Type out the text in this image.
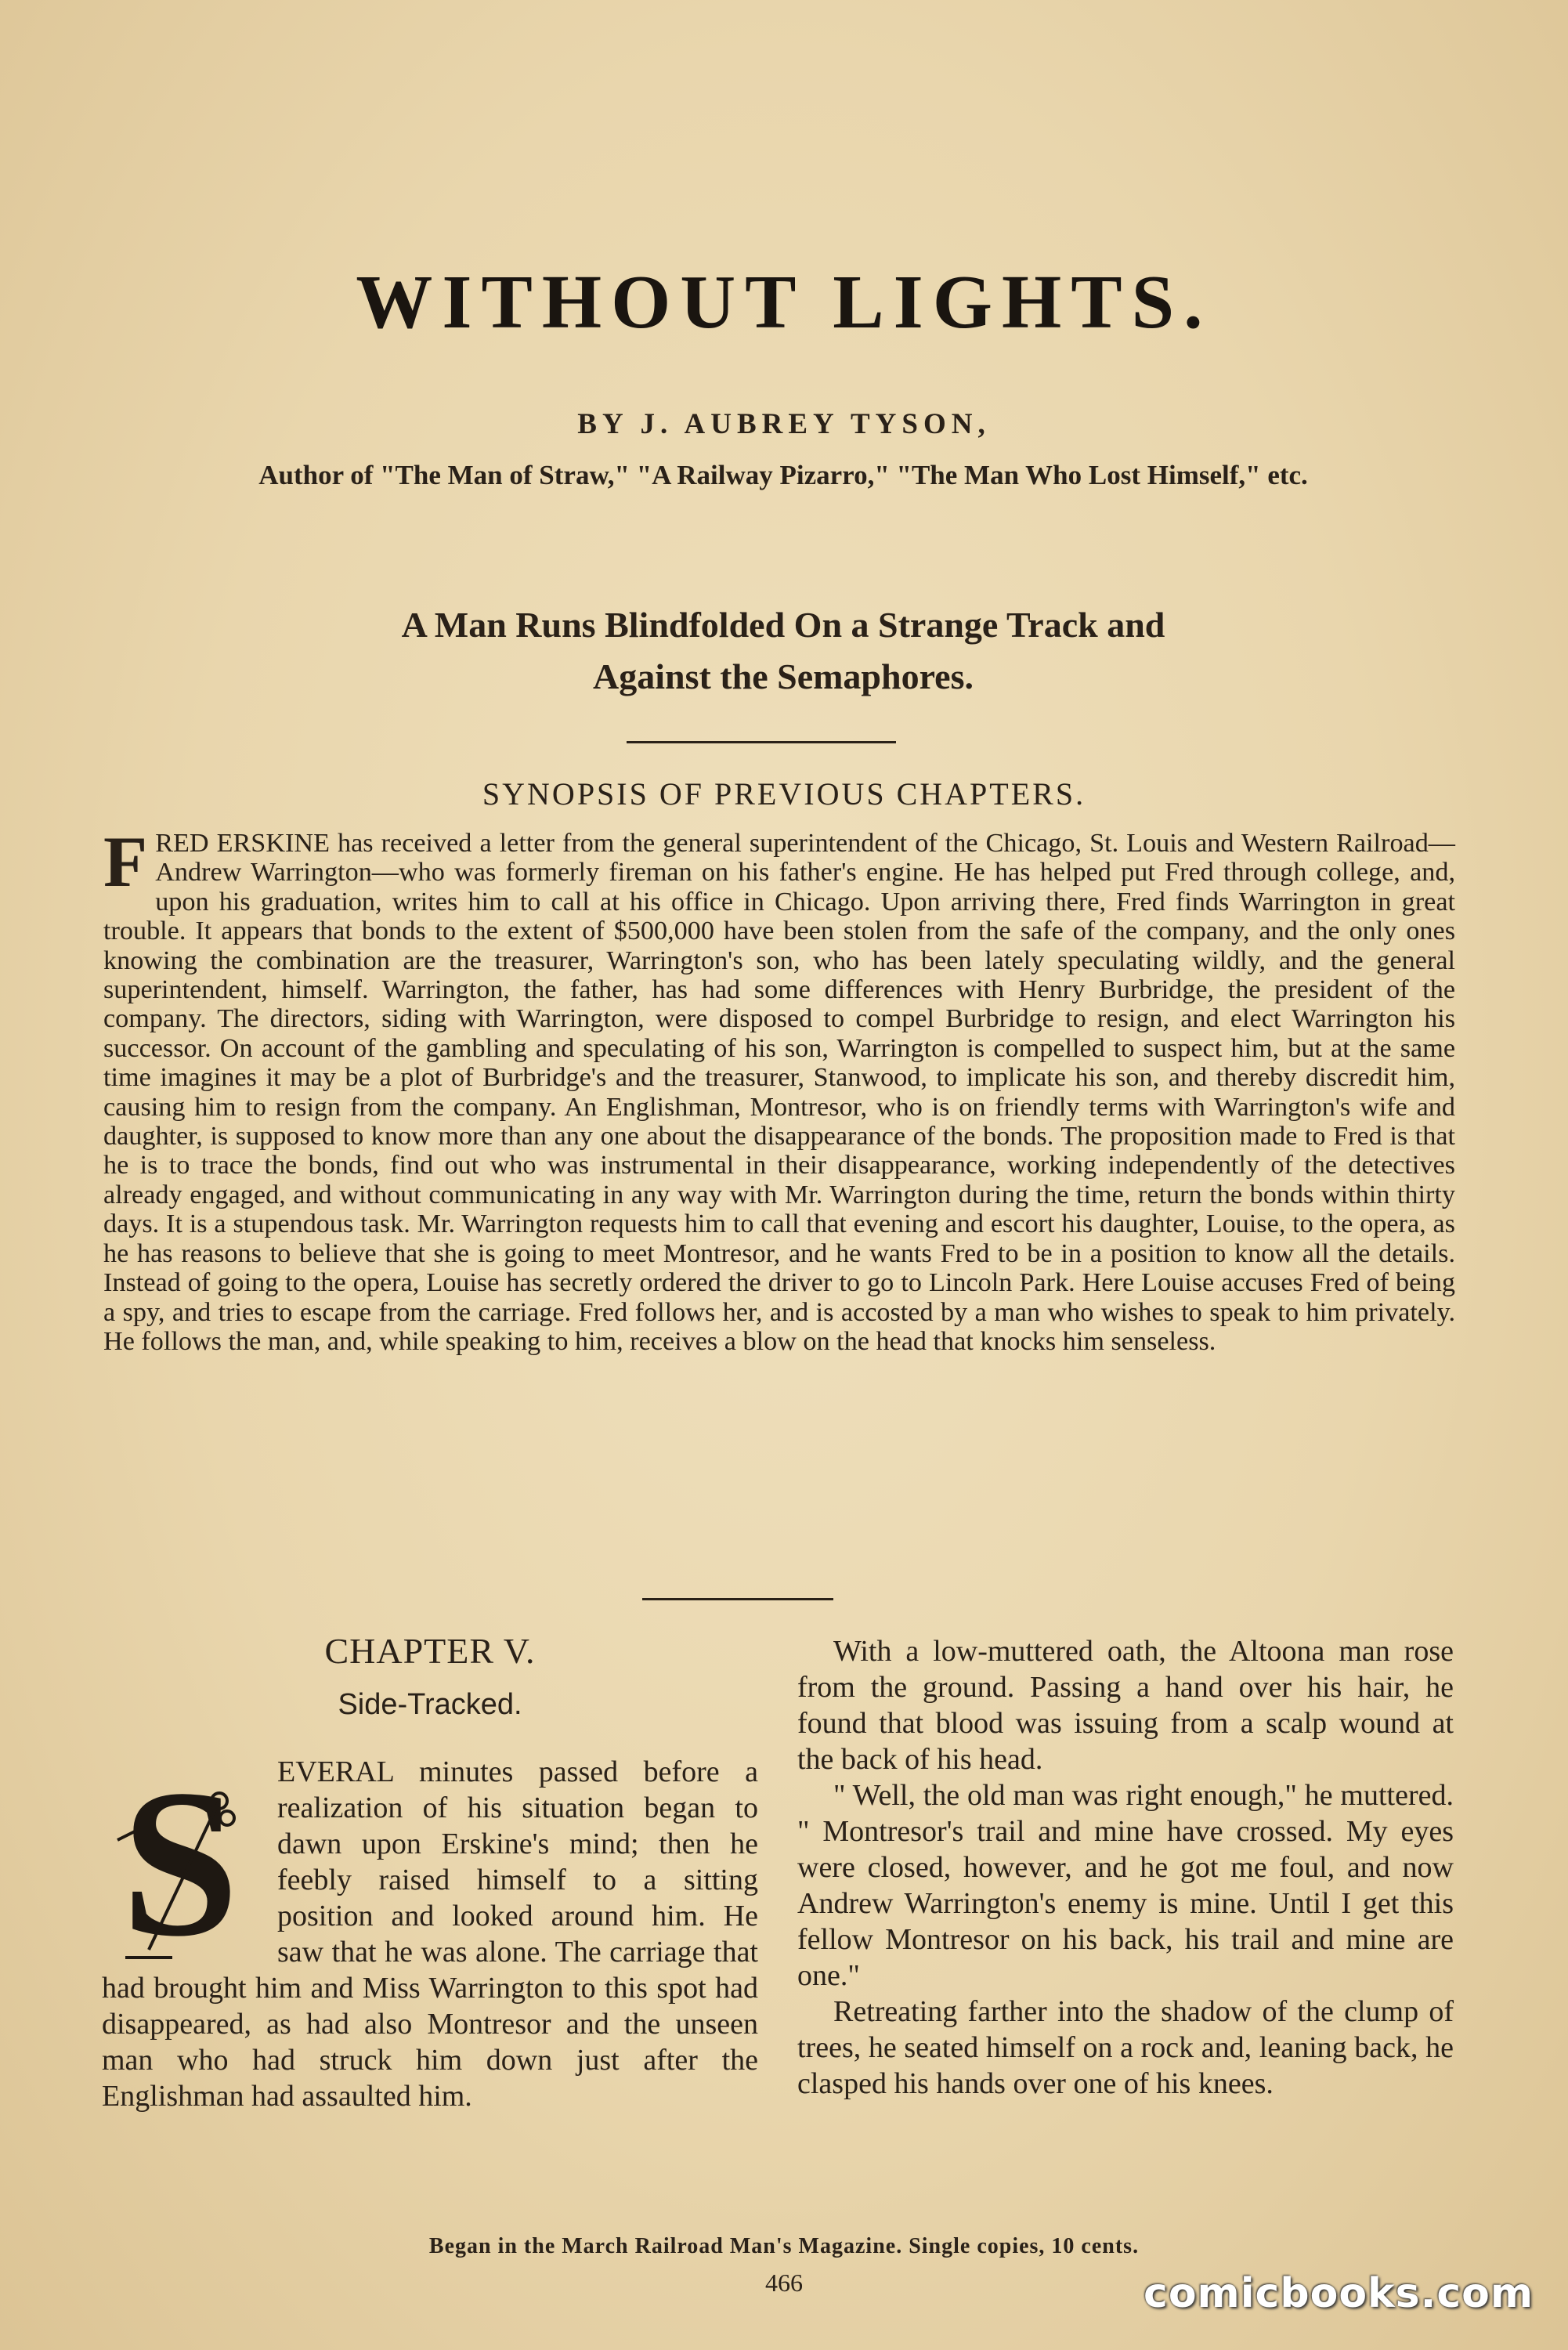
WITHOUT LIGHTS.
BY J. AUBREY TYSON,
Author of "The Man of Straw," "A Railway Pizarro," "The Man Who Lost Himself," etc.
A Man Runs Blindfolded On a Strange Track and Against the Semaphores.
SYNOPSIS OF PREVIOUS CHAPTERS.
FRED ERSKINE has received a letter from the general superintendent of the Chicago, St. Louis and Western Railroad—Andrew Warrington—who was formerly fireman on his father's engine. He has helped put Fred through college, and, upon his graduation, writes him to call at his office in Chicago. Upon arriving there, Fred finds Warrington in great trouble. It appears that bonds to the extent of $500,000 have been stolen from the safe of the company, and the only ones knowing the combination are the treasurer, Warrington's son, who has been lately speculating wildly, and the general superintendent, himself. Warrington, the father, has had some differences with Henry Burbridge, the president of the company. The directors, siding with Warrington, were disposed to compel Burbridge to resign, and elect Warrington his successor. On account of the gambling and speculating of his son, Warrington is compelled to suspect him, but at the same time imagines it may be a plot of Burbridge's and the treasurer, Stanwood, to implicate his son, and thereby discredit him, causing him to resign from the company. An Englishman, Montresor, who is on friendly terms with Warrington's wife and daughter, is supposed to know more than any one about the disappearance of the bonds. The proposition made to Fred is that he is to trace the bonds, find out who was instrumental in their disappearance, working independently of the detectives already engaged, and without communicating in any way with Mr. Warrington during the time, return the bonds within thirty days. It is a stupendous task. Mr. Warrington requests him to call that evening and escort his daughter, Louise, to the opera, as he has reasons to believe that she is going to meet Montresor, and he wants Fred to be in a position to know all the details. Instead of going to the opera, Louise has secretly ordered the driver to go to Lincoln Park. Here Louise accuses Fred of being a spy, and tries to escape from the carriage. Fred follows her, and is accosted by a man who wishes to speak to him privately. He follows the man, and, while speaking to him, receives a blow on the head that knocks him senseless.
CHAPTER V.
Side-Tracked.
S	EVERAL minutes passed before a realization of his situation began to dawn upon Erskine's mind; then he feebly raised himself to a sitting position and looked around him. He saw that he was alone. The carriage that had brought him and Miss Warrington to this spot had disappeared, as had also Montresor and the unseen man who had struck him down just after the Englishman had assaulted him.

With a low-muttered oath, the Altoona man rose from the ground. Passing a hand over his hair, he found that blood was issuing from a scalp wound at the back of his head.

" Well, the old man was right enough," he muttered. " Montresor's trail and mine have crossed. My eyes were closed, however, and he got me foul, and now Andrew Warrington's enemy is mine. Until I get this fellow Montresor on his back, his trail and mine are one."

Retreating farther into the shadow of the clump of trees, he seated himself on a rock and, leaning back, he clasped his hands over one of his knees.

Began in the March Railroad Man's Magazine. Single copies, 10 cents.
466	comicbooks.com
